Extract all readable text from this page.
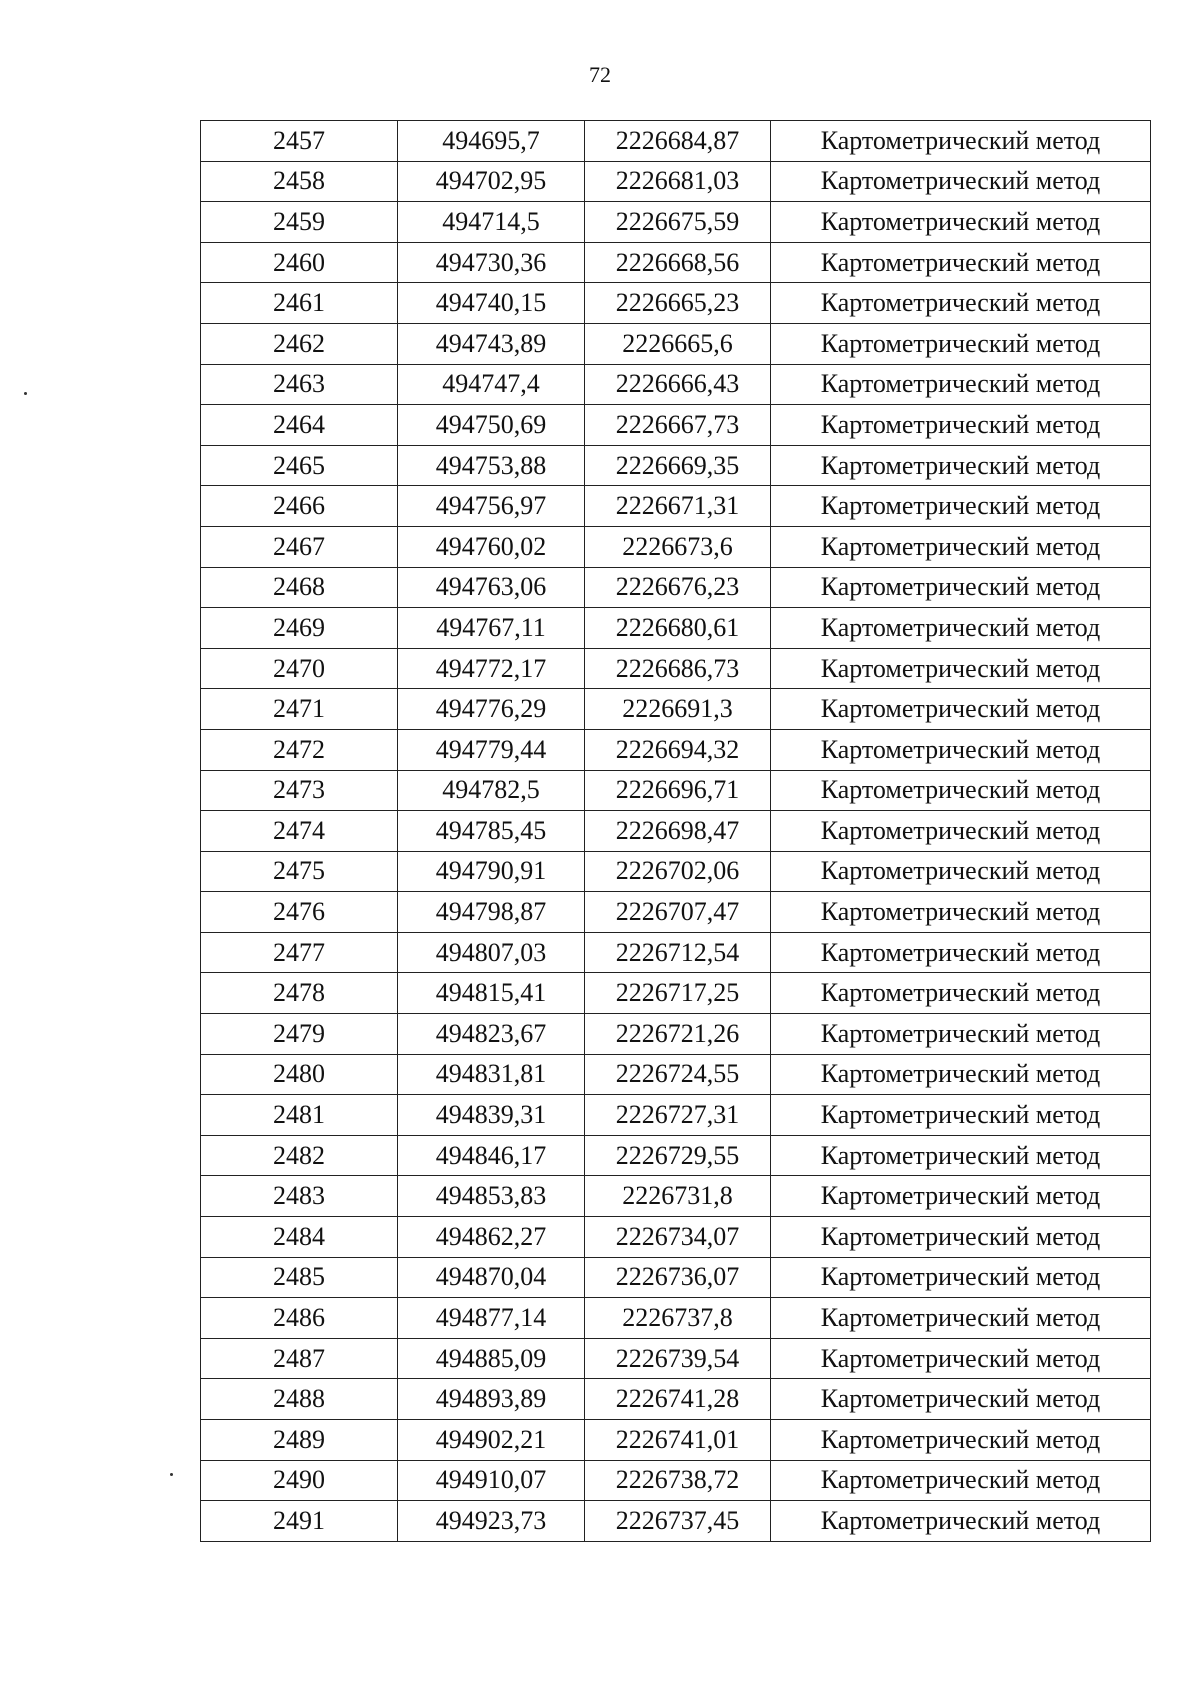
72
2457	494695,7	2226684,87	Картометрический метод
2458	494702,95	2226681,03	Картометрический метод
2459	494714,5	2226675,59	Картометрический метод
2460	494730,36	2226668,56	Картометрический метод
2461	494740,15	2226665,23	Картометрический метод
2462	494743,89	2226665,6	Картометрический метод
2463	494747,4	2226666,43	Картометрический метод
2464	494750,69	2226667,73	Картометрический метод
2465	494753,88	2226669,35	Картометрический метод
2466	494756,97	2226671,31	Картометрический метод
2467	494760,02	2226673,6	Картометрический метод
2468	494763,06	2226676,23	Картометрический метод
2469	494767,11	2226680,61	Картометрический метод
2470	494772,17	2226686,73	Картометрический метод
2471	494776,29	2226691,3	Картометрический метод
2472	494779,44	2226694,32	Картометрический метод
2473	494782,5	2226696,71	Картометрический метод
2474	494785,45	2226698,47	Картометрический метод
2475	494790,91	2226702,06	Картометрический метод
2476	494798,87	2226707,47	Картометрический метод
2477	494807,03	2226712,54	Картометрический метод
2478	494815,41	2226717,25	Картометрический метод
2479	494823,67	2226721,26	Картометрический метод
2480	494831,81	2226724,55	Картометрический метод
2481	494839,31	2226727,31	Картометрический метод
2482	494846,17	2226729,55	Картометрический метод
2483	494853,83	2226731,8	Картометрический метод
2484	494862,27	2226734,07	Картометрический метод
2485	494870,04	2226736,07	Картометрический метод
2486	494877,14	2226737,8	Картометрический метод
2487	494885,09	2226739,54	Картометрический метод
2488	494893,89	2226741,28	Картометрический метод
2489	494902,21	2226741,01	Картометрический метод
2490	494910,07	2226738,72	Картометрический метод
2491	494923,73	2226737,45	Картометрический метод
